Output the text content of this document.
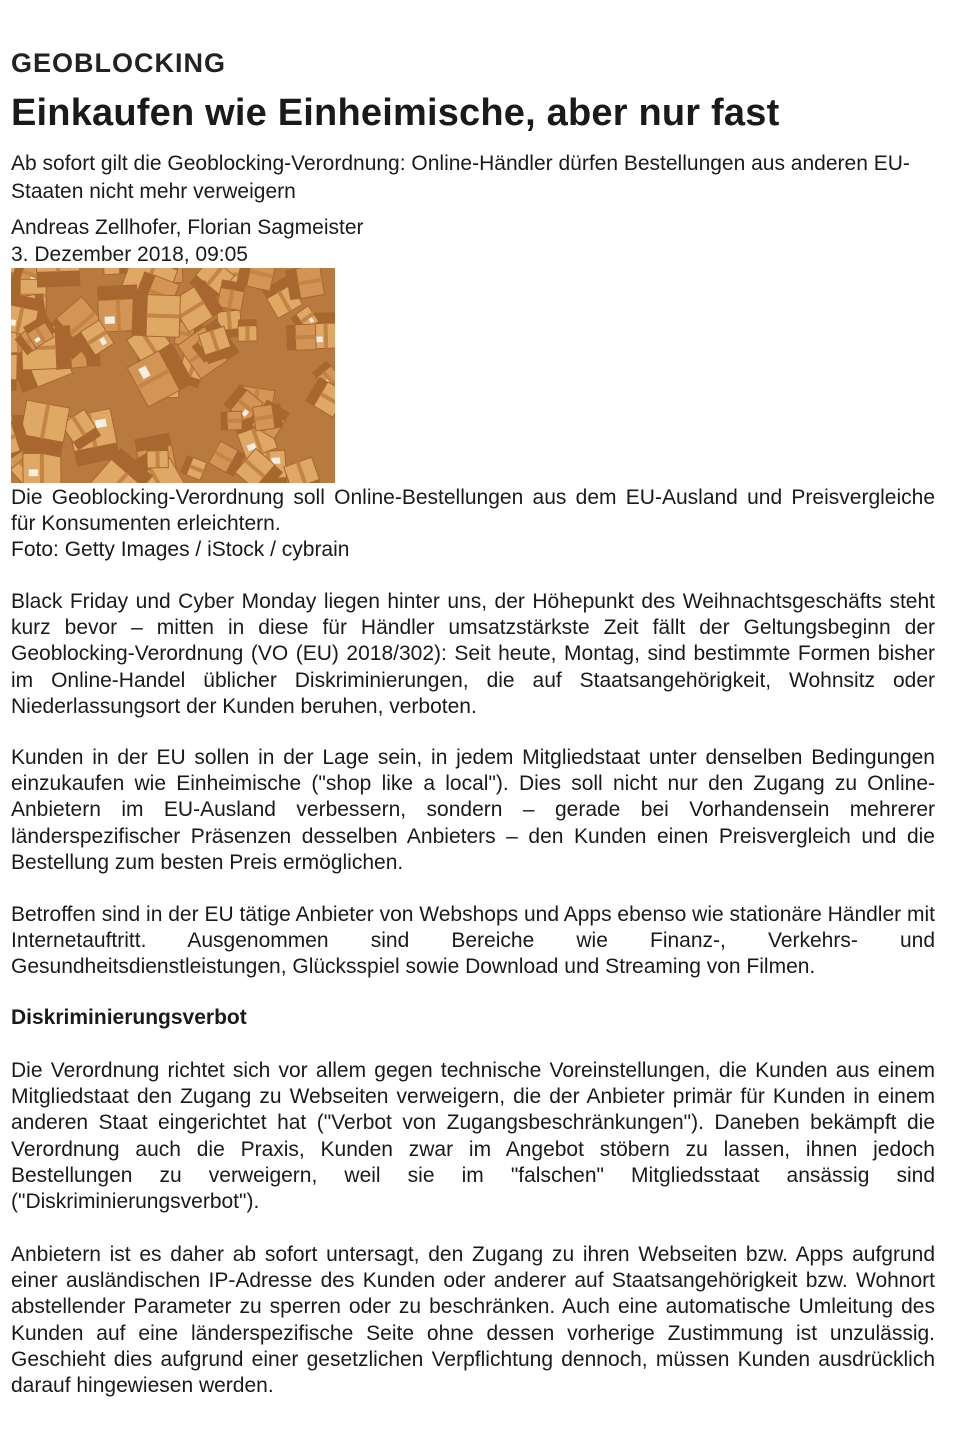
GEOBLOCKING
Einkaufen wie Einheimische, aber nur fast

Ab sofort gilt die Geoblocking-Verordnung: Online-Händler dürfen Bestellungen aus anderen EU-Staaten nicht mehr verweigern

Andreas Zellhofer, Florian Sagmeister
3. Dezember 2018, 09:05

Die Geoblocking-Verordnung soll Online-Bestellungen aus dem EU-Ausland und Preisvergleiche für Konsumenten erleichtern.
Foto: Getty Images / iStock / cybrain

Black Friday und Cyber Monday liegen hinter uns, der Höhepunkt des Weihnachtsgeschäfts steht kurz bevor – mitten in diese für Händler umsatzstärkste Zeit fällt der Geltungsbeginn der Geoblocking-Verordnung (VO (EU) 2018/302): Seit heute, Montag, sind bestimmte Formen bisher im Online-Handel üblicher Diskriminierungen, die auf Staatsangehörigkeit, Wohnsitz oder Niederlassungsort der Kunden beruhen, verboten.

Kunden in der EU sollen in der Lage sein, in jedem Mitgliedstaat unter denselben Bedingungen einzukaufen wie Einheimische ("shop like a local"). Dies soll nicht nur den Zugang zu Online-Anbietern im EU-Ausland verbessern, sondern – gerade bei Vorhandensein mehrerer länderspezifischer Präsenzen desselben Anbieters – den Kunden einen Preisvergleich und die Bestellung zum besten Preis ermöglichen.

Betroffen sind in der EU tätige Anbieter von Webshops und Apps ebenso wie stationäre Händler mit Internetauftritt. Ausgenommen sind Bereiche wie Finanz-, Verkehrs- und Gesundheitsdienstleistungen, Glücksspiel sowie Download und Streaming von Filmen.

Diskriminierungsverbot

Die Verordnung richtet sich vor allem gegen technische Voreinstellungen, die Kunden aus einem Mitgliedstaat den Zugang zu Webseiten verweigern, die der Anbieter primär für Kunden in einem anderen Staat eingerichtet hat ("Verbot von Zugangsbeschränkungen"). Daneben bekämpft die Verordnung auch die Praxis, Kunden zwar im Angebot stöbern zu lassen, ihnen jedoch Bestellungen zu verweigern, weil sie im "falschen" Mitgliedsstaat ansässig sind ("Diskriminierungsverbot").

Anbietern ist es daher ab sofort untersagt, den Zugang zu ihren Webseiten bzw. Apps aufgrund einer ausländischen IP-Adresse des Kunden oder anderer auf Staatsangehörigkeit bzw. Wohnort abstellender Parameter zu sperren oder zu beschränken. Auch eine automatische Umleitung des Kunden auf eine länderspezifische Seite ohne dessen vorherige Zustimmung ist unzulässig. Geschieht dies aufgrund einer gesetzlichen Verpflichtung dennoch, müssen Kunden ausdrücklich darauf hingewiesen werden.
